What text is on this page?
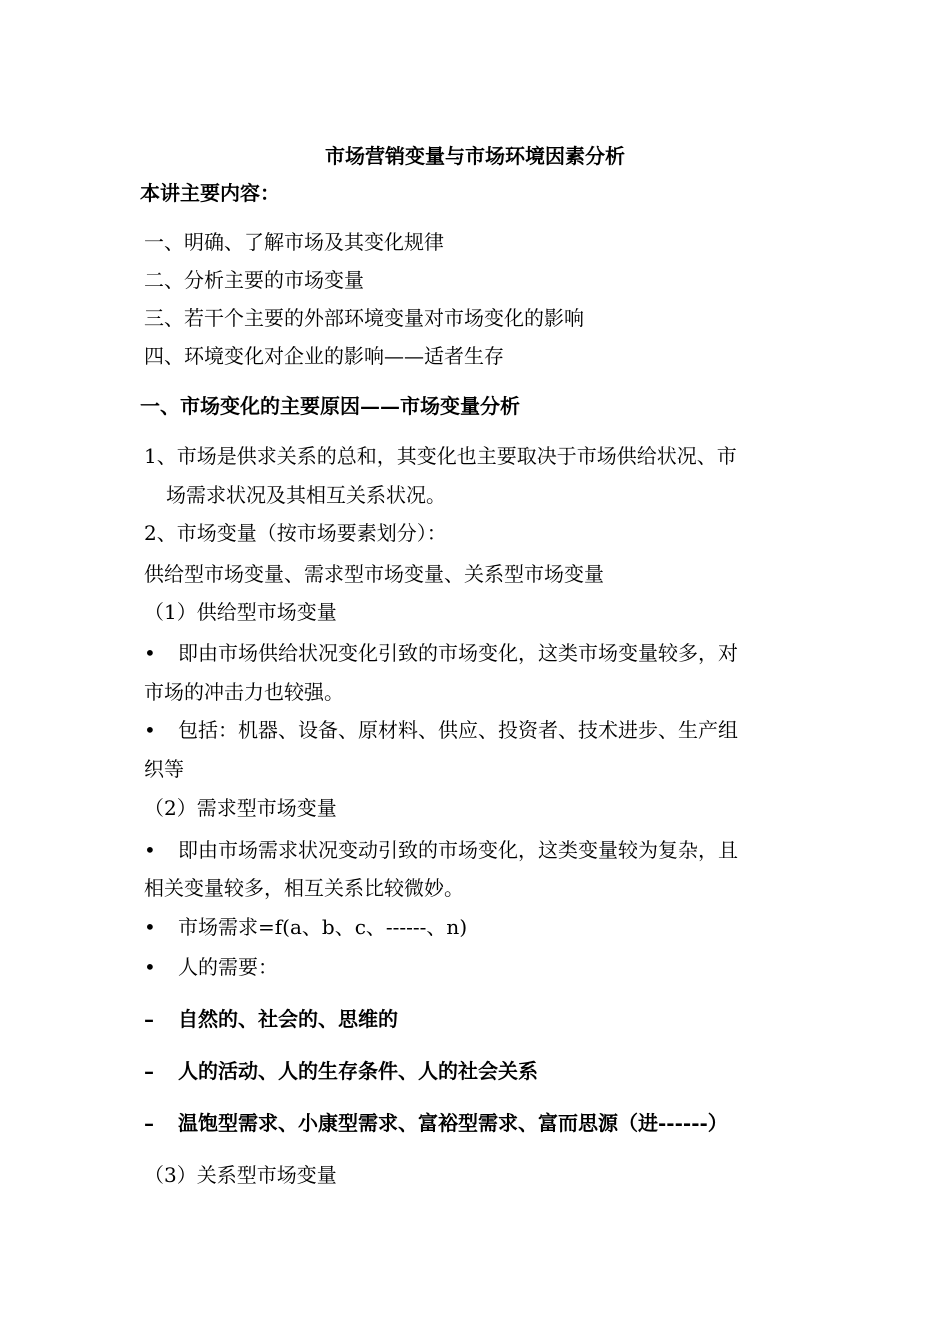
市场营销变量与市场环境因素分析
本讲主要内容：
一、明确、了解市场及其变化规律
二、分析主要的市场变量
三、若干个主要的外部环境变量对市场变化的影响
四、环境变化对企业的影响——适者生存
一、市场变化的主要原因——市场变量分析
1、市场是供求关系的总和，其变化也主要取决于市场供给状况、市
场需求状况及其相互关系状况。
2、市场变量（按市场要素划分）：
供给型市场变量、需求型市场变量、关系型市场变量
（1）供给型市场变量
• 即由市场供给状况变化引致的市场变化，这类市场变量较多，对
市场的冲击力也较强。
• 包括：机器、设备、原材料、供应、投资者、技术进步、生产组
织等
（2）需求型市场变量
• 即由市场需求状况变动引致的市场变化，这类变量较为复杂，且
相关变量较多，相互关系比较微妙。
• 市场需求=f(a、b、c、------、n)
• 人的需要：
– 自然的、社会的、思维的
– 人的活动、人的生存条件、人的社会关系
– 温饱型需求、小康型需求、富裕型需求、富而思源（进------）
（3）关系型市场变量
